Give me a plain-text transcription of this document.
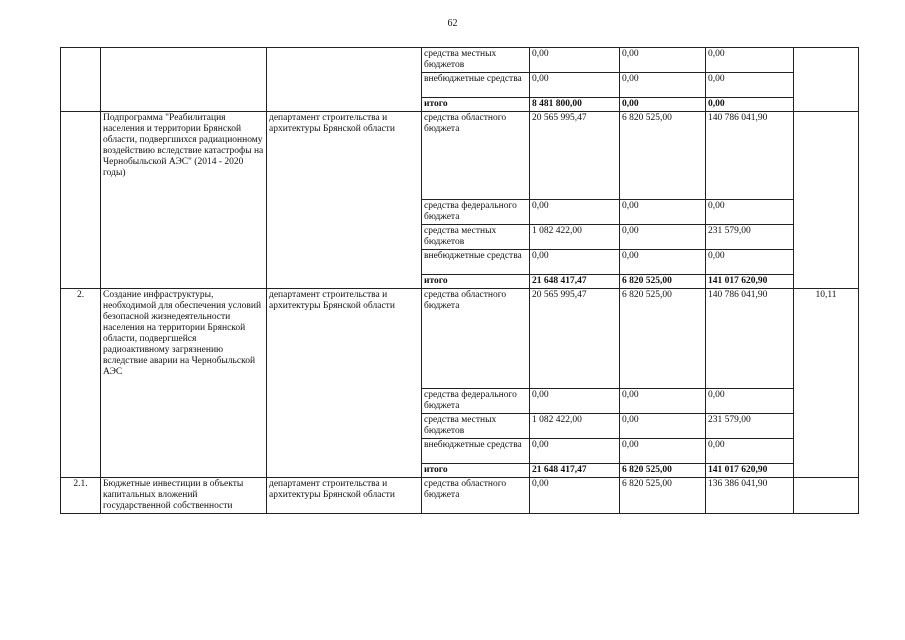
62
			средства местных бюджетов	0,00	0,00	0,00	
			внебюджетные средства	0,00	0,00	0,00	
			итого	8 481 800,00	0,00	0,00	
	Подпрограмма "Реабилитация населения и территории Брянской области, подвергшихся радиационному воздействию вследствие катастрофы на Чернобыльской АЭС" (2014 - 2020 годы)	департамент строительства и архитектуры Брянской области	средства областного бюджета	20 565 995,47	6 820 525,00	140 786 041,90	
			средства федерального бюджета	0,00	0,00	0,00	
			средства местных бюджетов	1 082 422,00	0,00	231 579,00	
			внебюджетные средства	0,00	0,00	0,00	
			итого	21 648 417,47	6 820 525,00	141 017 620,90	
2.	Создание инфраструктуры, необходимой для обеспечения условий безопасной жизнедеятельности населения на территории Брянской области, подвергшейся радиоактивному загрязнению вследствие аварии на Чернобыльской АЭС	департамент строительства и архитектуры Брянской области	средства областного бюджета	20 565 995,47	6 820 525,00	140 786 041,90	10,11
			средства федерального бюджета	0,00	0,00	0,00	
			средства местных бюджетов	1 082 422,00	0,00	231 579,00	
			внебюджетные средства	0,00	0,00	0,00	
			итого	21 648 417,47	6 820 525,00	141 017 620,90	
2.1.	Бюджетные инвестиции в объекты капитальных вложений государственной собственности	департамент строительства и архитектуры Брянской области	средства областного бюджета	0,00	6 820 525,00	136 386 041,90	
